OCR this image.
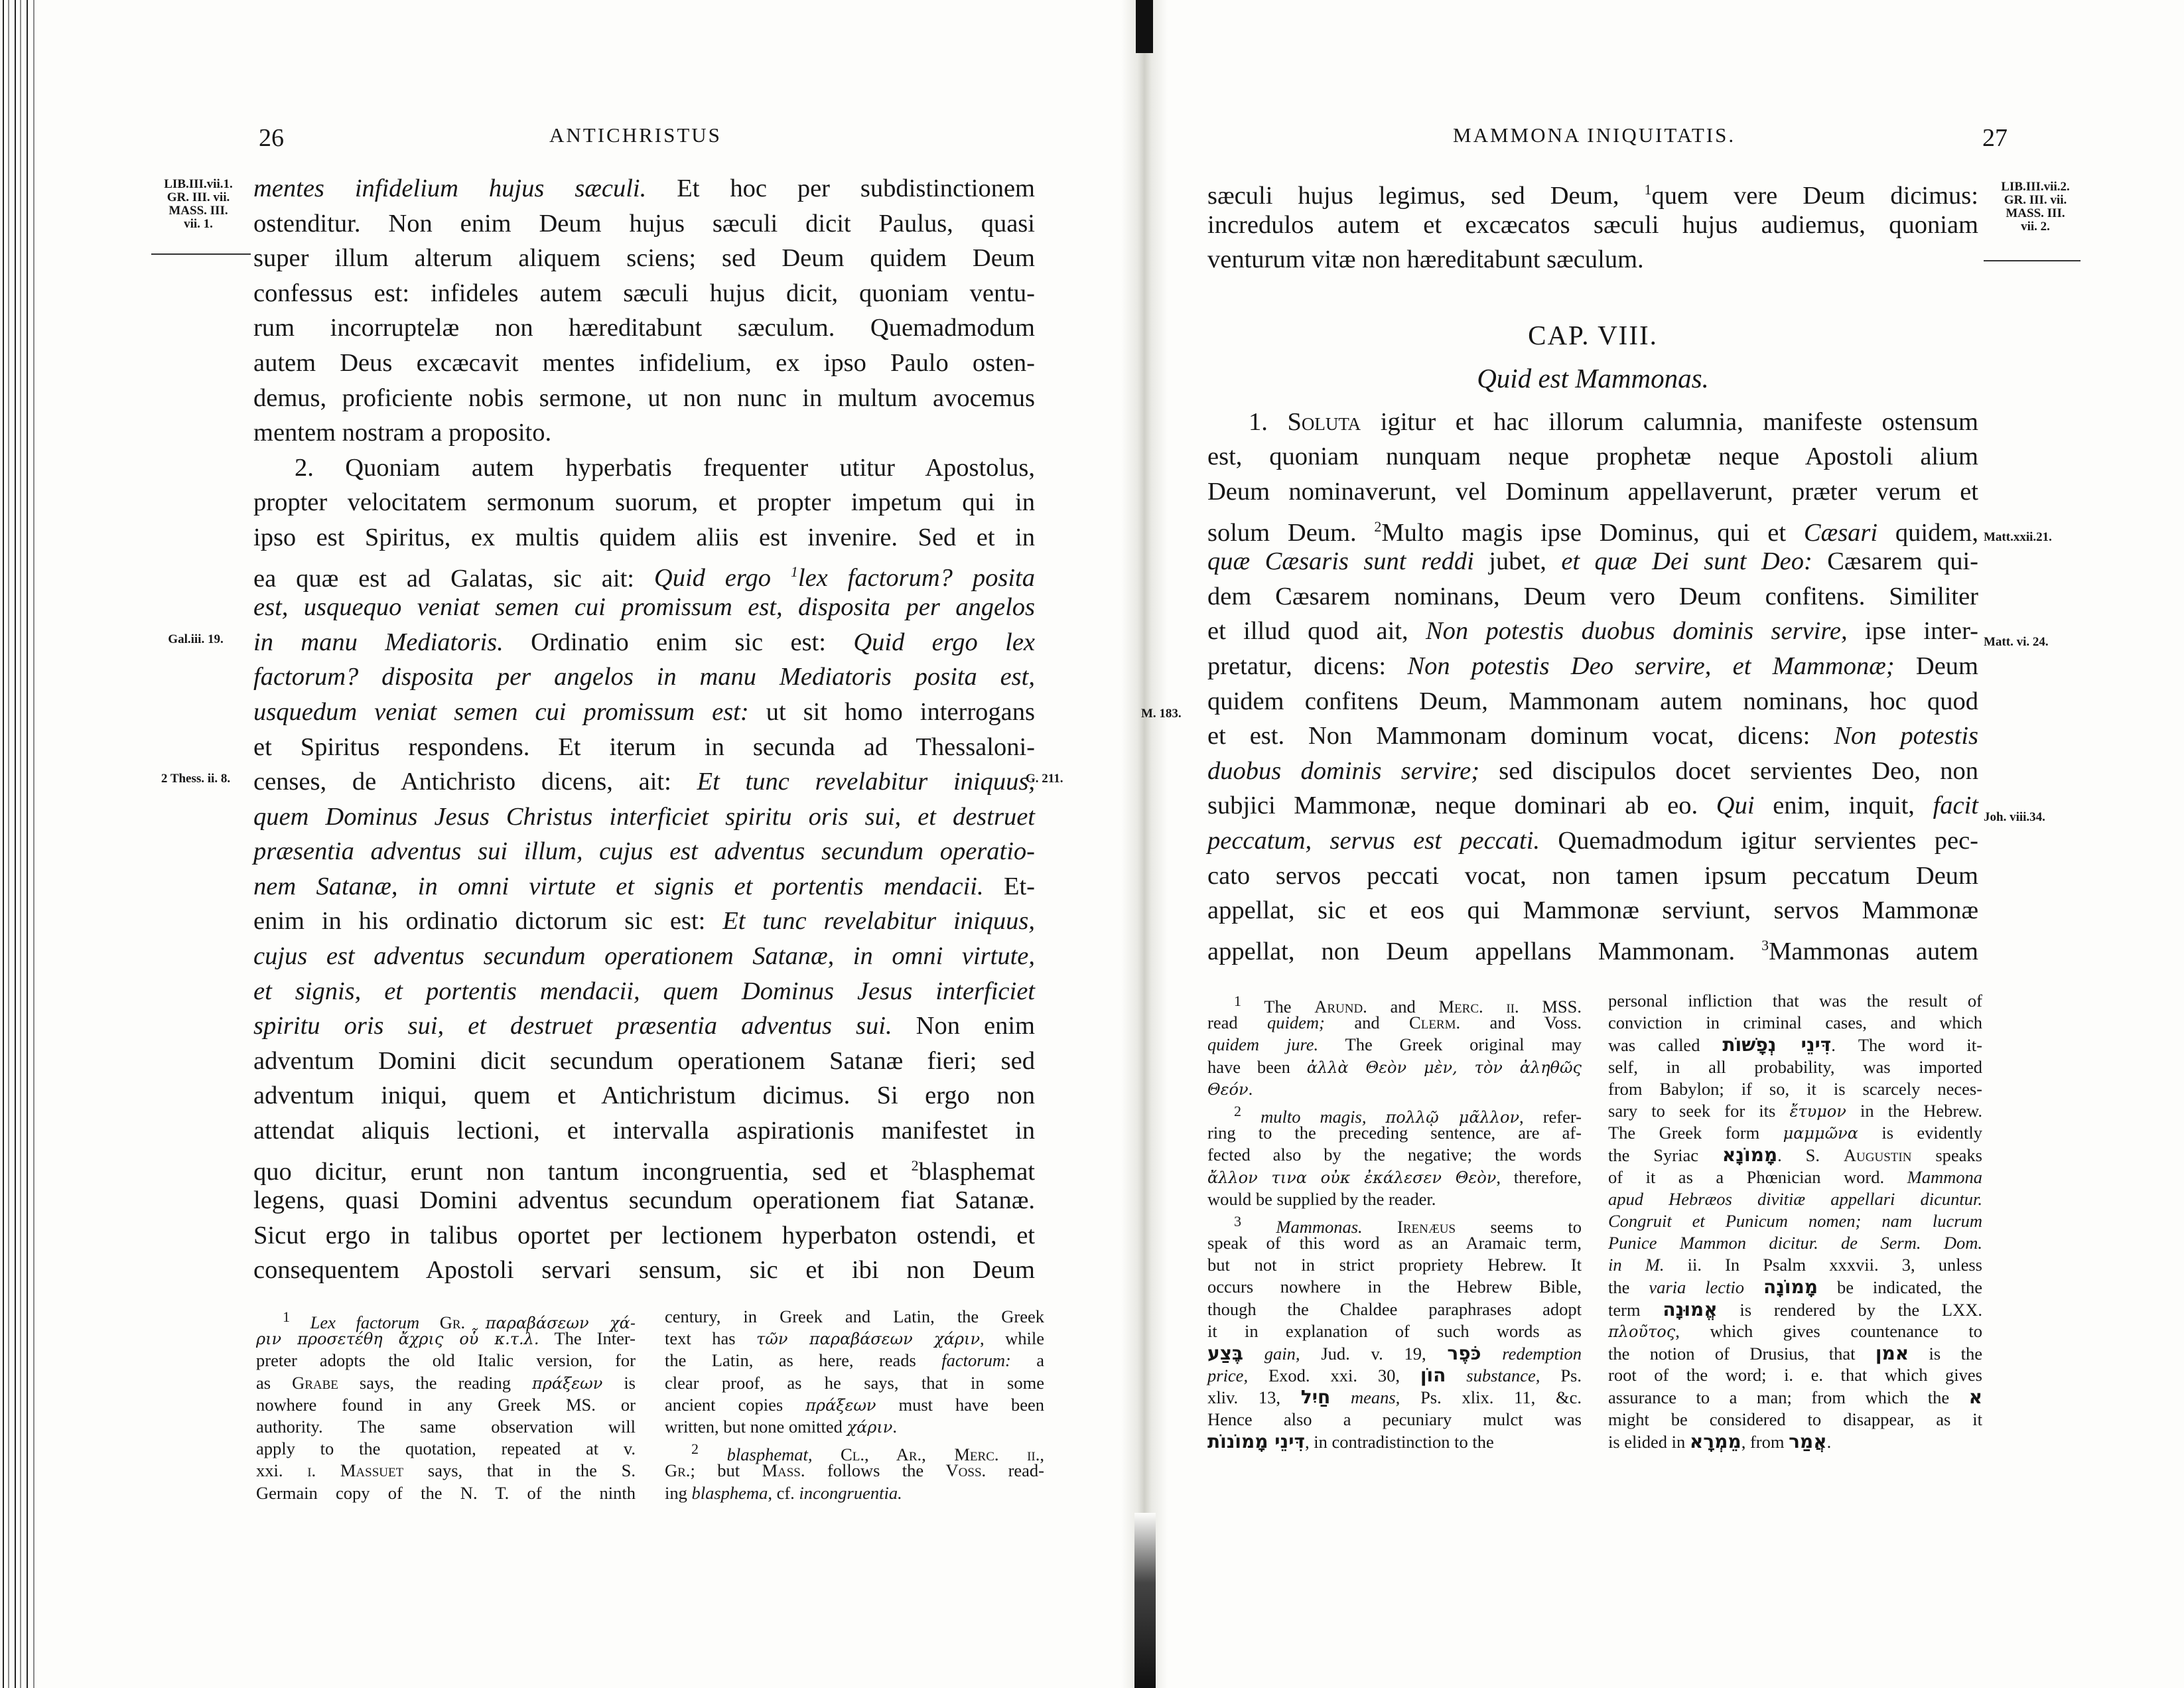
26	ANTICHRISTUS
LIB.III.vii.1.
GR. III. vii.
MASS. III.
vii. 1.
Gal.iii. 19.
2 Thess. ii. 8.	G. 211.
mentes infidelium hujus sæculi. Et hoc per subdistinctionem
ostenditur. Non enim Deum hujus sæculi dicit Paulus, quasi
super illum alterum aliquem sciens; sed Deum quidem Deum
confessus est: infideles autem sæculi hujus dicit, quoniam ventu-
rum incorruptelæ non hæreditabunt sæculum. Quemadmodum
autem Deus excæcavit mentes infidelium, ex ipso Paulo osten-
demus, proficiente nobis sermone, ut non nunc in multum avocemus
mentem nostram a proposito.
2. Quoniam autem hyperbatis frequenter utitur Apostolus,
propter velocitatem sermonum suorum, et propter impetum qui in
ipso est Spiritus, ex multis quidem aliis est invenire. Sed et in
ea quæ est ad Galatas, sic ait: Quid ergo $^1$lex factorum? posita
est, usquequo veniat semen cui promissum est, disposita per angelos
in manu Mediatoris. Ordinatio enim sic est: Quid ergo lex
factorum? disposita per angelos in manu Mediatoris posita est,
usquedum veniat semen cui promissum est: ut sit homo interrogans
et Spiritus respondens. Et iterum in secunda ad Thessaloni-
censes, de Antichristo dicens, ait: Et tunc revelabitur iniquus,
quem Dominus Jesus Christus interficiet spiritu oris sui, et destruet
præsentia adventus sui illum, cujus est adventus secundum operatio-
nem Satanæ, in omni virtute et signis et portentis mendacii. Et-
enim in his ordinatio dictorum sic est: Et tunc revelabitur iniquus,
cujus est adventus secundum operationem Satanæ, in omni virtute,
et signis, et portentis mendacii, quem Dominus Jesus interficiet
spiritu oris sui, et destruet præsentia adventus sui. Non enim
adventum Domini dicit secundum operationem Satanæ fieri; sed
adventum iniqui, quem et Antichristum dicimus. Si ergo non
attendat aliquis lectioni, et intervalla aspirationis manifestet in
quo dicitur, erunt non tantum incongruentia, sed et $^2$blasphemat
legens, quasi Domini adventus secundum operationem fiat Satanæ.
Sicut ergo in talibus oportet per lectionem hyperbaton ostendi, et
consequentem Apostoli servari sensum, sic et ibi non Deum
$^1$ Lex factorum Gr. παραβάσεων χά-
ριν προσετέθη ἄχρις οὗ κ.τ.λ. The Inter-
preter adopts the old Italic version, for
as Grabe says, the reading πράξεων is
nowhere found in any Greek MS. or
authority. The same observation will
apply to the quotation, repeated at v.
xxi. i. Massuet says, that in the S.
Germain copy of the N. T. of the ninth
century, in Greek and Latin, the Greek
text has τῶν παραβάσεων χάριν, while
the Latin, as here, reads factorum: a
clear proof, as he says, that in some
ancient copies πράξεων must have been
written, but none omitted χάριν.
$^2$ blasphemat, Cl., Ar., Merc. ii.,
Gr.; but Mass. follows the Voss. read-
ing blasphema, cf. incongruentia.
MAMMONA INIQUITATIS.	27
LIB.III.vii.2.
GR. III. vii.
MASS. III.
vii. 2.
Matt.xxii.21.
Matt. vi. 24.
M. 183.
Joh. viii.34.
sæculi hujus legimus, sed Deum, $^1$quem vere Deum dicimus:
incredulos autem et excæcatos sæculi hujus audiemus, quoniam
venturum vitæ non hæreditabunt sæculum.
CAP. VIII.
Quid est Mammonas.
1. Soluta igitur et hac illorum calumnia, manifeste ostensum
est, quoniam nunquam neque prophetæ neque Apostoli alium
Deum nominaverunt, vel Dominum appellaverunt, præter verum et
solum Deum. $^2$Multo magis ipse Dominus, qui et Cæsari quidem,
quæ Cæsaris sunt reddi jubet, et quæ Dei sunt Deo: Cæsarem qui-
dem Cæsarem nominans, Deum vero Deum confitens. Similiter
et illud quod ait, Non potestis duobus dominis servire, ipse inter-
pretatur, dicens: Non potestis Deo servire, et Mammonæ; Deum
quidem confitens Deum, Mammonam autem nominans, hoc quod
et est. Non Mammonam dominum vocat, dicens: Non potestis
duobus dominis servire; sed discipulos docet servientes Deo, non
subjici Mammonæ, neque dominari ab eo. Qui enim, inquit, facit
peccatum, servus est peccati. Quemadmodum igitur servientes pec-
cato servos peccati vocat, non tamen ipsum peccatum Deum
appellat, sic et eos qui Mammonæ serviunt, servos Mammonæ
appellat, non Deum appellans Mammonam. $^3$Mammonas autem
$^1$ The Arund. and Merc. ii. MSS.
read quidem; and Clerm. and Voss.
quidem jure. The Greek original may
have been ἀλλὰ Θεὸν μὲν, τὸν ἀληθῶς
Θεόν.
$^2$ multo magis, πολλῷ μᾶλλον, refer-
ring to the preceding sentence, are af-
fected also by the negative; the words
ἄλλον τινα οὐκ ἐκάλεσεν Θεὸν, therefore,
would be supplied by the reader.
$^3$ Mammonas. Irenæus seems to
speak of this word as an Aramaic term,
but not in strict propriety Hebrew. It
occurs nowhere in the Hebrew Bible,
though the Chaldee paraphrases adopt
it in explanation of such words as
בֶּצַע gain, Jud. v. 19, כֹּפֶר redemption
price, Exod. xxi. 30, הוֹן substance, Ps.
xliv. 13, חַיִל means, Ps. xlix. 11, &c.
Hence also a pecuniary mulct was
דִּינֵי מָמוֹנוֹת, in contradistinction to the
personal infliction that was the result of
conviction in criminal cases, and which
was called דִּינֵי נְפָשׁוֹת. The word it-
self, in all probability, was imported
from Babylon; if so, it is scarcely neces-
sary to seek for its ἔτυμον in the Hebrew.
The Greek form μαμμῶνα is evidently
the Syriac מָמוֹנָא. S. Augustin speaks
of it as a Phœnician word. Mammona
apud Hebræos divitiæ appellari dicuntur.
Congruit et Punicum nomen; nam lucrum
Punice Mammon dicitur. de Serm. Dom.
in M. ii. In Psalm xxxvii. 3, unless
the varia lectio מָמוֹנָה be indicated, the
term אֱמוּנָה is rendered by the LXX.
πλοῦτος, which gives countenance to
the notion of Drusius, that אמן is the
root of the word; i. e. that which gives
assurance to a man; from which the א
might be considered to disappear, as it
is elided in מֵמְרָא, from אֲמַר.
